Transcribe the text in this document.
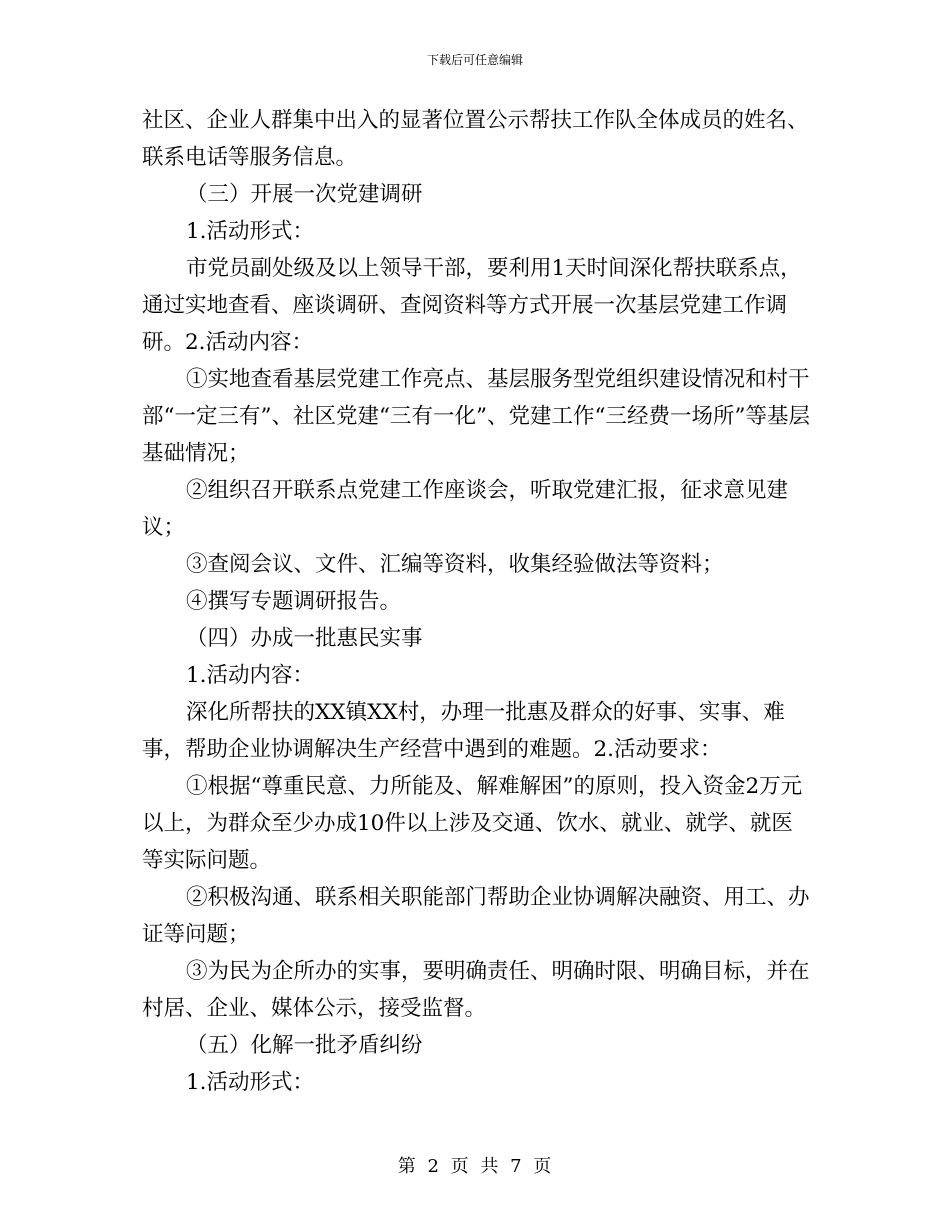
下载后可任意编辑

社区、企业人群集中出入的显著位置公示帮扶工作队全体成员的姓名、联系电话等服务信息。

（三）开展一次党建调研

1.活动形式：

市党员副处级及以上领导干部，要利用1天时间深化帮扶联系点，通过实地查看、座谈调研、查阅资料等方式开展一次基层党建工作调研。2.活动内容：

①实地查看基层党建工作亮点、基层服务型党组织建设情况和村干部“一定三有”、社区党建“三有一化”、党建工作“三经费一场所”等基层基础情况；

②组织召开联系点党建工作座谈会，听取党建汇报，征求意见建议；

③查阅会议、文件、汇编等资料，收集经验做法等资料；

④撰写专题调研报告。

（四）办成一批惠民实事

1.活动内容：

深化所帮扶的XX镇XX村，办理一批惠及群众的好事、实事、难事，帮助企业协调解决生产经营中遇到的难题。2.活动要求：

①根据“尊重民意、力所能及、解难解困”的原则，投入资金2万元以上，为群众至少办成10件以上涉及交通、饮水、就业、就学、就医等实际问题。

②积极沟通、联系相关职能部门帮助企业协调解决融资、用工、办证等问题；

③为民为企所办的实事，要明确责任、明确时限、明确目标，并在村居、企业、媒体公示，接受监督。

（五）化解一批矛盾纠纷

1.活动形式：

第 2 页 共 7 页
